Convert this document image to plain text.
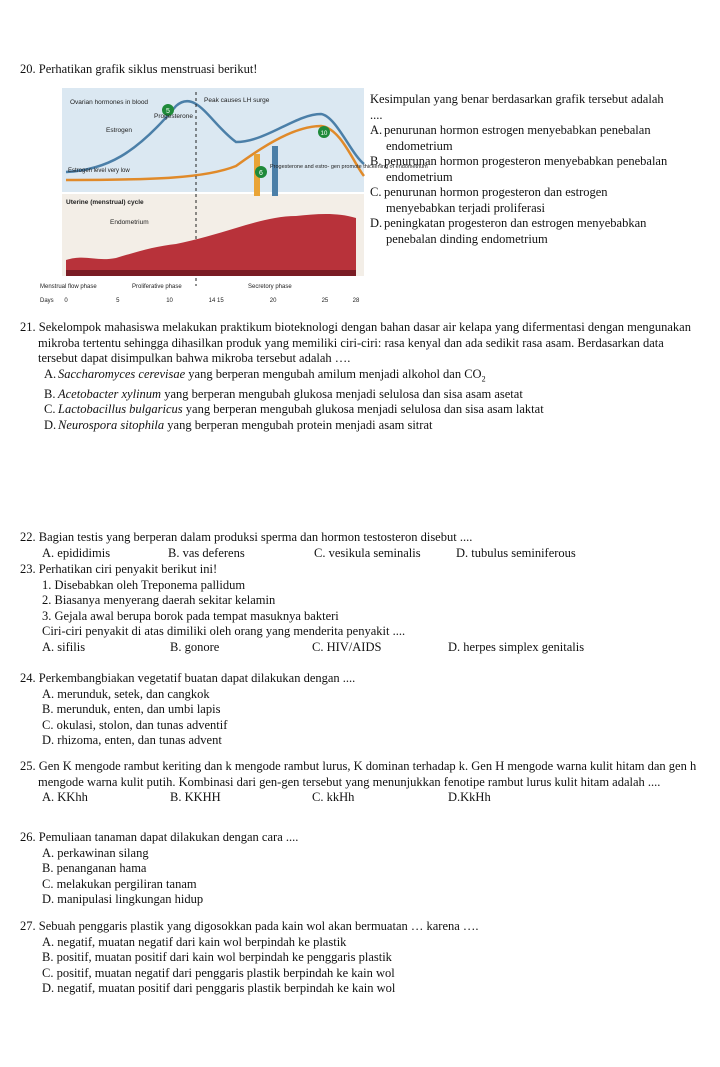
20. Perhatikan grafik siklus menstruasi berikut!

5
6
10
Ovarian hormones in blood	Peak causes LH surge
Estrogen
Progesterone
Estrogen level very low
Progesterone and estro- gen promote thickening of endometrium
Uterine (menstrual) cycle
Endometrium
Menstrual flow phase	Proliferative phase	Secretory phase
Days 0	5	10	14 15	20	25	28

Kesimpulan yang benar berdasarkan grafik tersebut adalah ....

A. penurunan hormon estrogen menyebabkan penebalan endometrium

B. penurunan hormon progesteron menyebabkan penebalan endometrium

C. penurunan hormon progesteron dan estrogen menyebabkan terjadi proliferasi

D. peningkatan progesteron dan estrogen menyebabkan penebalan dinding endometrium

21. Sekelompok mahasiswa melakukan praktikum bioteknologi dengan bahan dasar air kelapa yang difermentasi dengan mengunakan mikroba tertentu sehingga dihasilkan produk yang memiliki ciri-ciri: rasa kenyal dan ada sedikit rasa asam. Berdasarkan data tersebut dapat disimpulkan bahwa mikroba tersebut adalah ….

A. Saccharomyces cerevisae yang berperan mengubah amilum menjadi alkohol dan $CO_2$

B. Acetobacter xylinum yang berperan mengubah glukosa menjadi selulosa dan sisa asam asetat

C. Lactobacillus bulgaricus yang berperan mengubah glukosa menjadi selulosa dan sisa asam laktat

D. Neurospora sitophila yang berperan mengubah protein menjadi asam sitrat

22. Bagian testis yang berperan dalam produksi sperma dan hormon testosteron disebut ....

A. epididimis	B. vas deferens	C. vesikula seminalis	D. tubulus seminiferous

23. Perhatikan ciri penyakit berikut ini!

1. Disebabkan oleh Treponema pallidum

2. Biasanya menyerang daerah sekitar kelamin

3. Gejala awal berupa borok pada tempat masuknya bakteri

Ciri-ciri penyakit di atas dimiliki oleh orang yang menderita penyakit ....

A. sifilis	B. gonore	C. HIV/AIDS	D. herpes simplex genitalis

24. Perkembangbiakan vegetatif buatan dapat dilakukan dengan ....

A. merunduk, setek, dan cangkok

B. merunduk, enten, dan umbi lapis

C. okulasi, stolon, dan tunas adventif

D. rhizoma, enten, dan tunas advent

25. Gen K mengode rambut keriting dan k mengode rambut lurus, K dominan terhadap k. Gen H mengode warna kulit hitam dan gen h mengode warna kulit putih. Kombinasi dari gen-gen tersebut yang menunjukkan fenotipe rambut lurus kulit hitam adalah ....

A. KKhh	B. KKHH	C. kkHh	D.KkHh

26. Pemuliaan tanaman dapat dilakukan dengan cara ....

A. perkawinan silang

B. penanganan hama

C. melakukan pergiliran tanam

D. manipulasi lingkungan hidup

27. Sebuah penggaris plastik yang digosokkan pada kain wol akan bermuatan … karena ….

A. negatif, muatan negatif dari kain wol berpindah ke plastik

B. positif, muatan positif dari kain wol berpindah ke penggaris plastik

C. positif, muatan negatif dari penggaris plastik berpindah ke kain wol

D. negatif, muatan positif dari penggaris plastik berpindah ke kain wol
